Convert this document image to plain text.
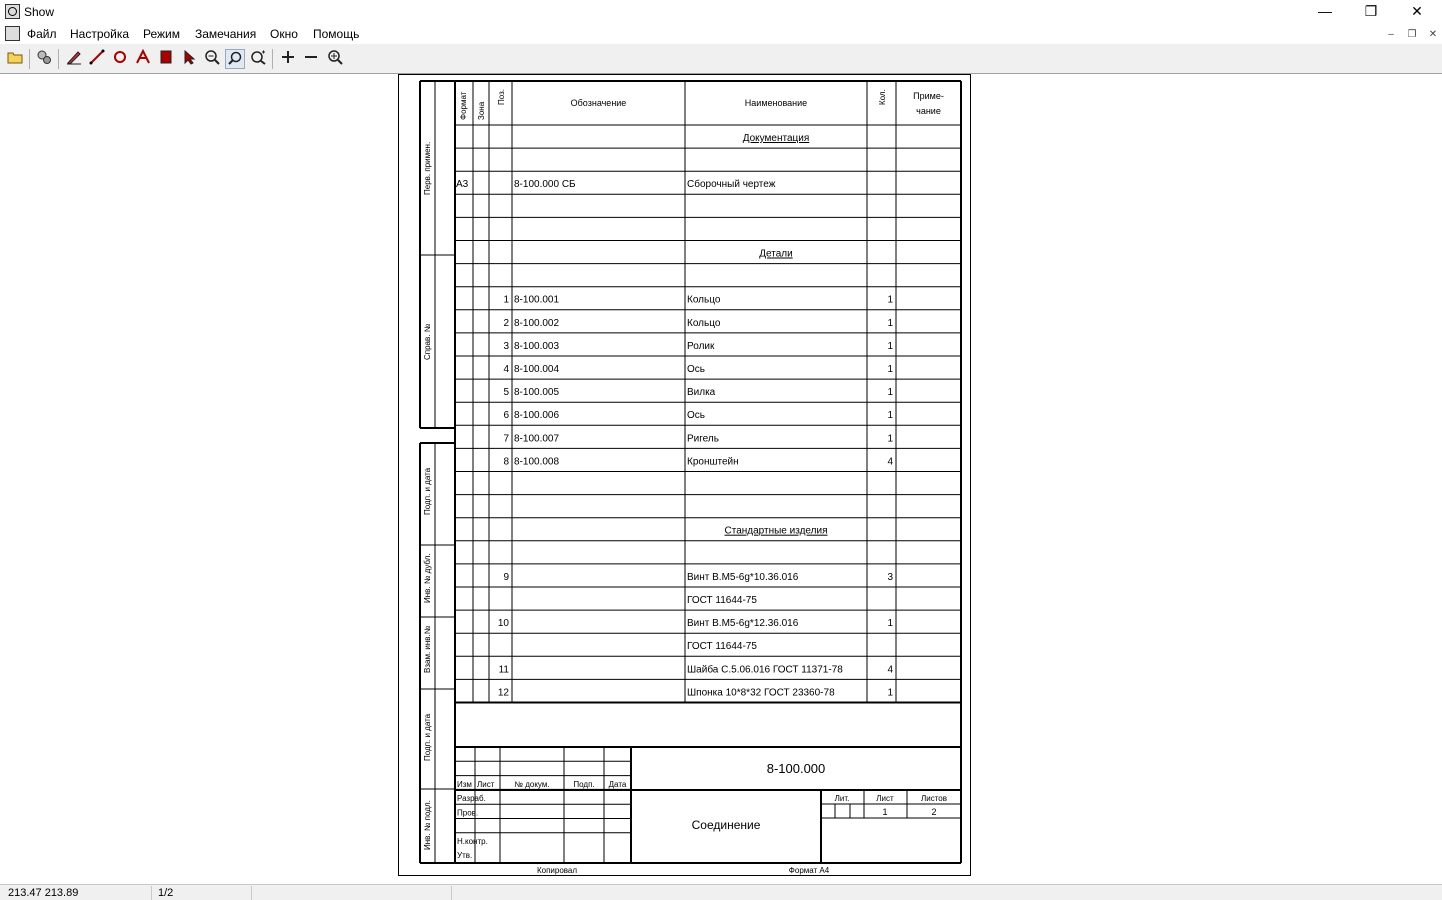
Show	—	❐	✕
Файл Настройка Режим Замечания Окно Помощь	–	❐	✕
Формат Зона
Поз.	Обозначение	Наименование	Кол.	Приме-
чание
Документация
А3	8-100.000 СБ	Сборочный чертеж
Детали
1 8-100.001	Кольцо	1
2 8-100.002	Кольцо	1
3 8-100.003	Ролик	1
4 8-100.004	Ось	1
5 8-100.005	Вилка	1
6 8-100.006	Ось	1
7 8-100.007	Ригель	1
8 8-100.008	Кронштейн	4
Стандартные изделия
9	Винт В.М5-6g*10.36.016	3
ГОСТ 11644-75
10	Винт В.М5-6g*12.36.016	1
ГОСТ 11644-75
11	Шайба С.5.06.016 ГОСТ 11371-78	4
12	Шпонка 10*8*32 ГОСТ 23360-78	1
Перв. примен.
Справ. №
Подп. и дата
Инв. № дубл.
Взам. инв.№
Подп. и дата
Инв. № подл.
Изм Лист	№ докум.	Подп. Дата
Разраб.
Пров.
Н.контр.
Утв.
8-100.000
Соединение
Лит.	Лист	Листов
1	2
Копировал	Формат А4
213.47 213.89	1/2
